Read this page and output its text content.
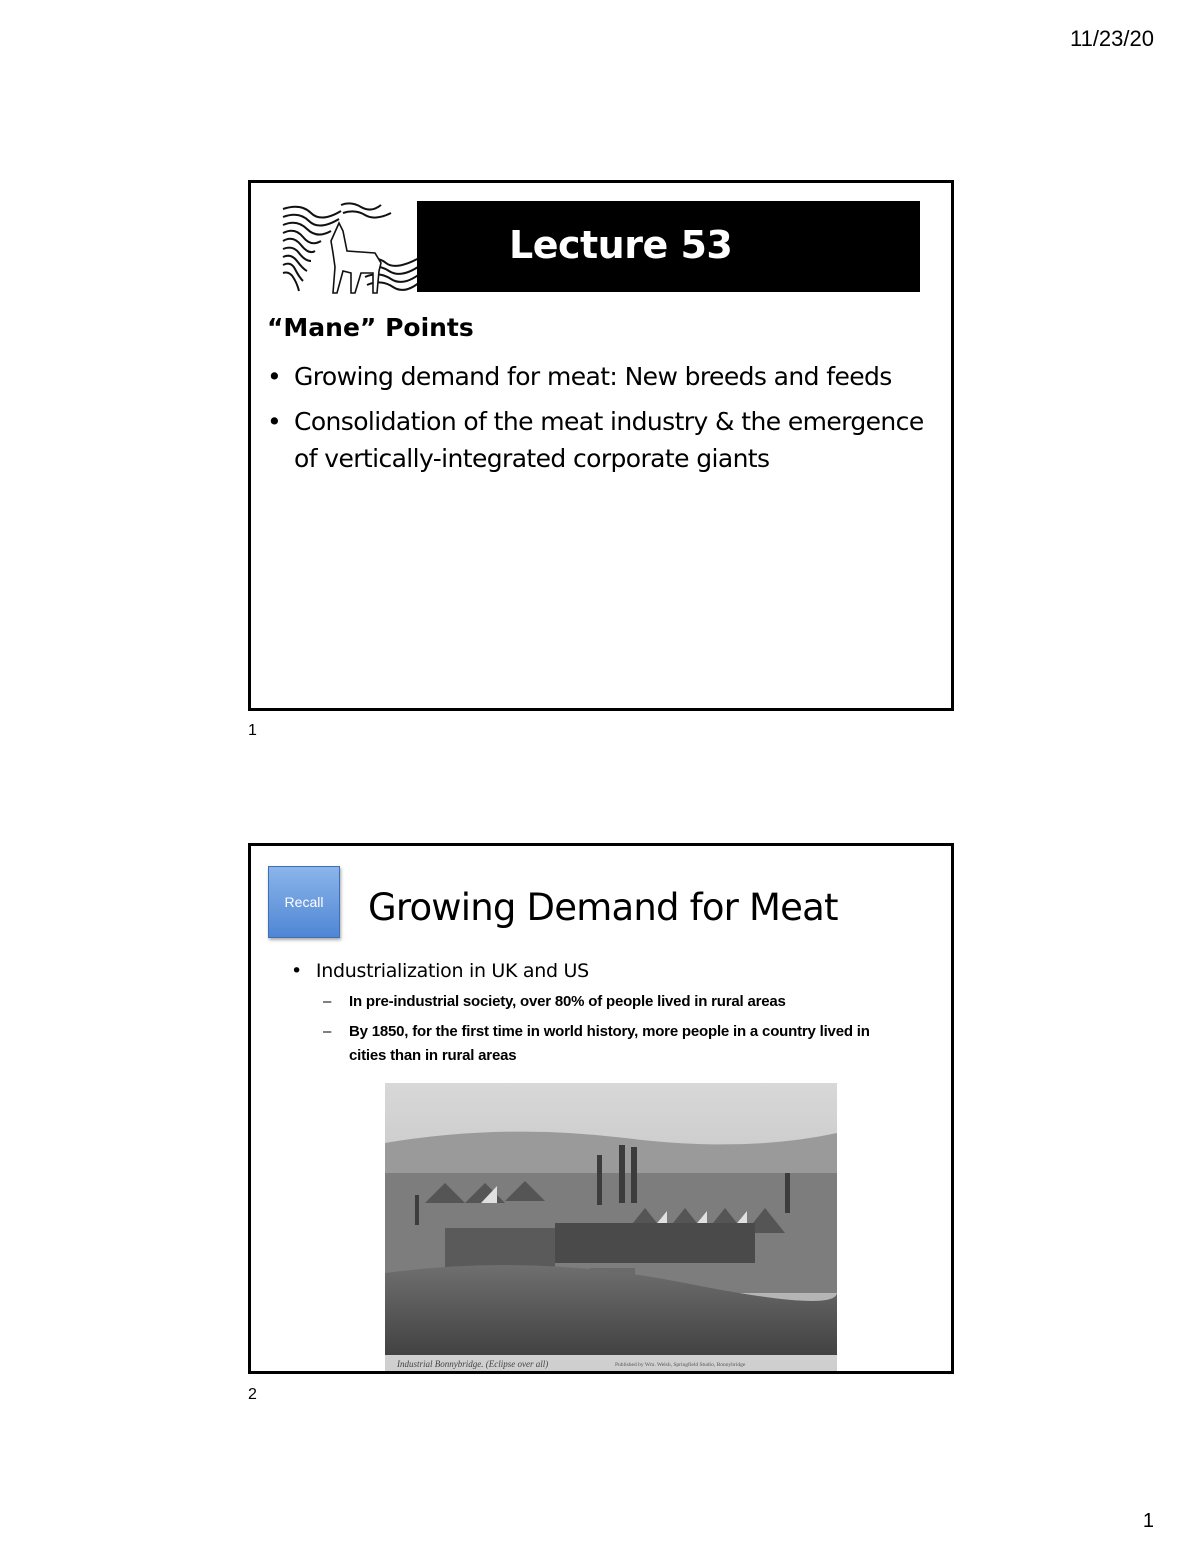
11/23/20
Lecture 53
“Mane” Points
• Growing demand for meat: New breeds and feeds
• Consolidation of the meat industry & the emergence of vertically-integrated corporate giants
1
Recall	Growing Demand for Meat
• Industrialization in UK and US
– In pre-industrial society, over 80% of people lived in rural areas
– By 1850, for the first time in world history, more people in a country lived in cities than in rural areas
Industrial Bonnybridge. (Eclipse over all)	Published by Wm. Welsh, Springfield Studio, Bonnybridge
2
1
